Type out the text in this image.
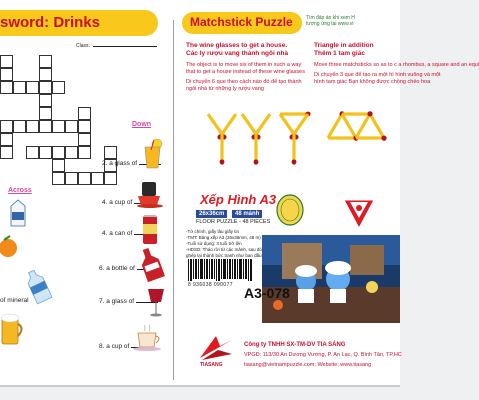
sword: Drinks
Class:
Down
Across
2. a glass of
4. a cup of
4. a can of
6. a bottle of
7. a glass of
8. a cup of
of mineral
Matchstick Puzzle	Tìm đáp án khi xem H
tương ứng tại www.vi
The wine glasses to get a house.
Các ly rượu vang thành ngôi nhà
The object is to move six of them in such a way that to get a house instead of these wine glasses
Di chuyển 6 que theo cách nào đó để tạo thành ngôi nhà từ những ly rượu vang
Triangle in addition
Thêm 1 tam giác
Move three matchsticks so as to c a rhombus, a square and an equi
Di chuyển 3 que để tạo ra một hì hình vuông và một hình tam giác Bạn không được chồng chéo hoa
Xếp Hình A3
26x36cm	48 mảnh
FLOOR PUZZLE - 48 PIECES
-Tờ chính, giấy lâu giấy tin
-TMT: Bảng xếp A3 (26x36mm, 48 m)
-Tuổi sử dụng: 3 tuổi trở lên
-HDSD: Tháo rời từ các mảnh, sau đó ghép lại thành bức tranh như ban đầu
8 936038 090077 A3-078
TIASANG
Công ty TNHH SX-TM-DV TIA SÁNG
VPGD: 113/30 An Dương Vương, P. An Lạc, Q. Bình Tân, TP.HC
tiasang@vietnampuzzle.com; Website: www.tiasang
